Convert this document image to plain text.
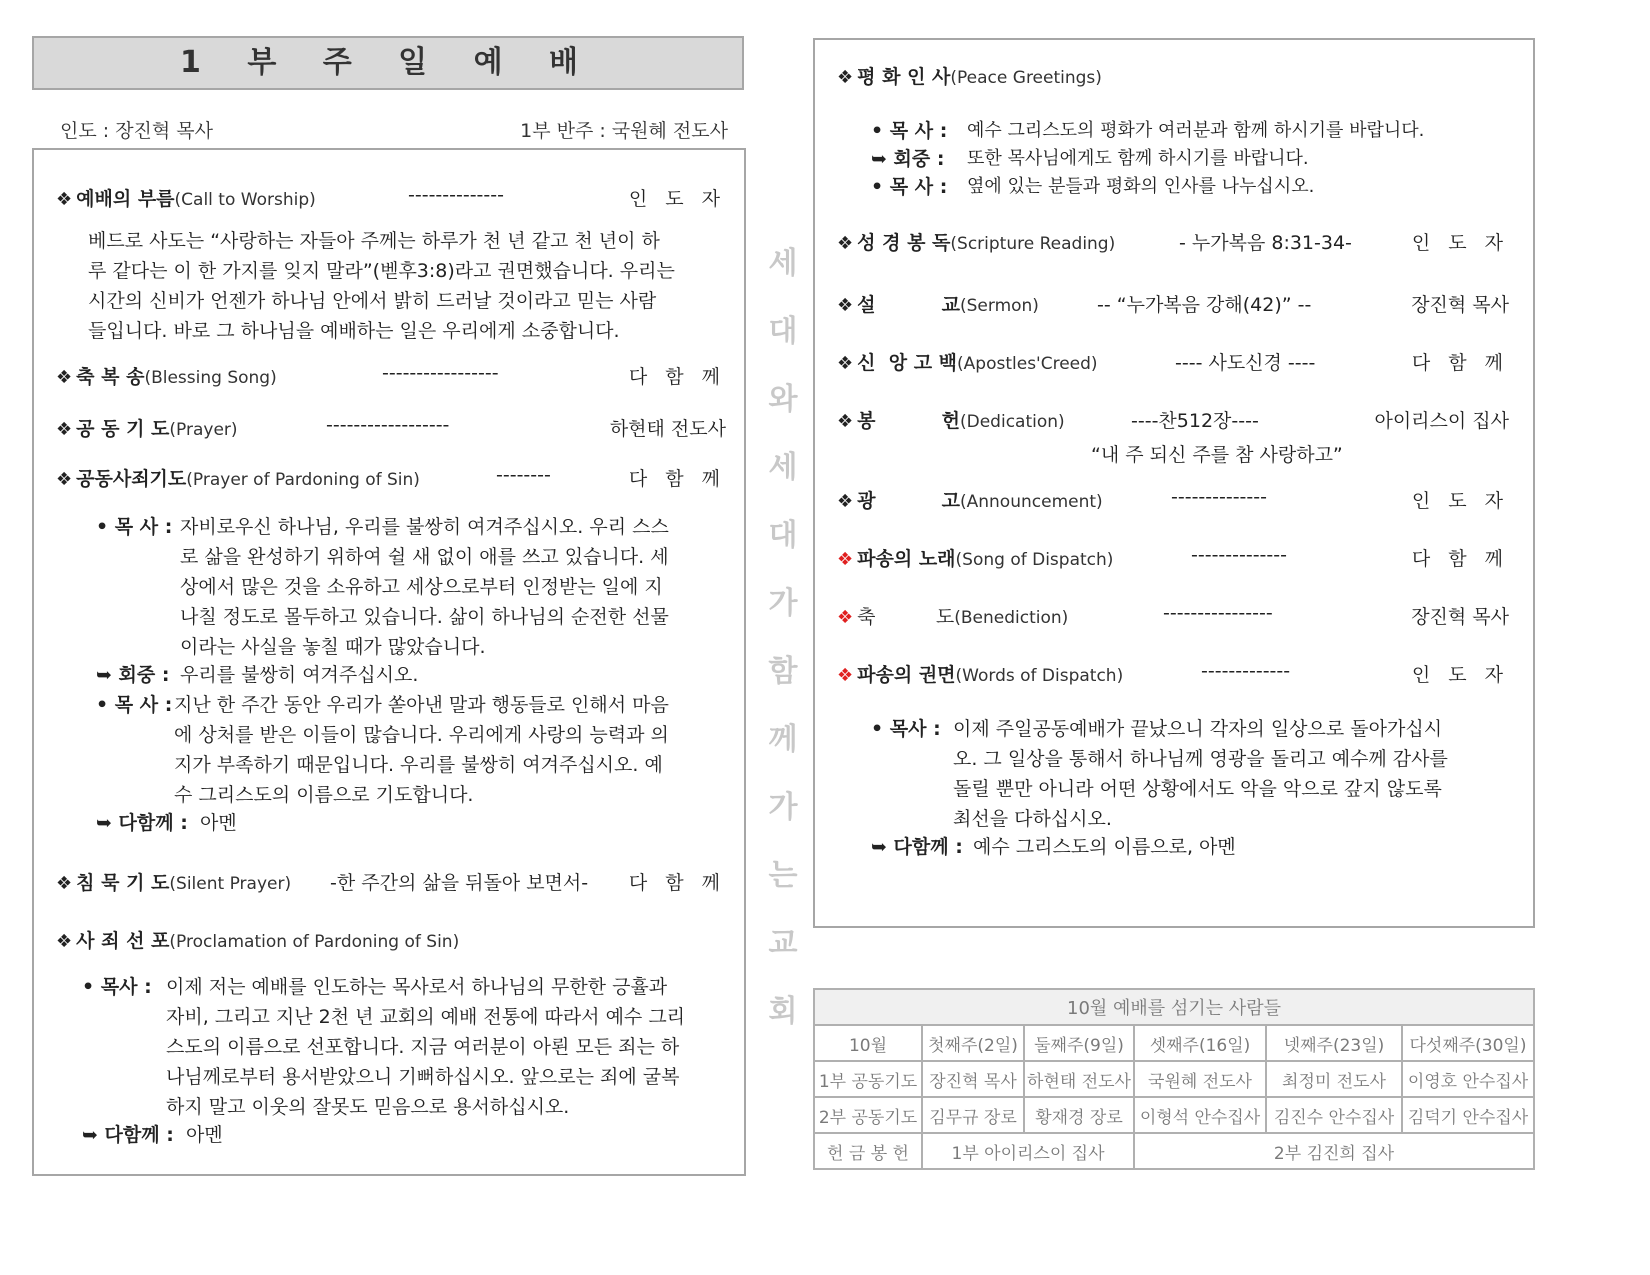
1 부 주 일 예 배
인도 : 장진혁 목사	1부 반주 : 국원혜 전도사
❖ 예배의 부름(Call to Worship)	--------------	인 도 자
베드로 사도는 “사랑하는 자들아 주께는 하루가 천 년 같고 천 년이 하
루 같다는 이 한 가지를 잊지 말라”(벧후3:8)라고 권면했습니다. 우리는
시간의 신비가 언젠가 하나님 안에서 밝히 드러날 것이라고 믿는 사람
들입니다. 바로 그 하나님을 예배하는 일은 우리에게 소중합니다.
❖ 축 복 송(Blessing Song)	-----------------	다 함 께
❖ 공 동 기 도(Prayer)	------------------	하현태 전도사
❖ 공동사죄기도(Prayer of Pardoning of Sin)	--------	다 함 께
• 목 사 : 자비로우신 하나님, 우리를 불쌍히 여겨주십시오. 우리 스스
로 삶을 완성하기 위하여 쉴 새 없이 애를 쓰고 있습니다. 세
상에서 많은 것을 소유하고 세상으로부터 인정받는 일에 지
나칠 정도로 몰두하고 있습니다. 삶이 하나님의 순전한 선물
이라는 사실을 놓칠 때가 많았습니다.
➥ 회중 : 우리를 불쌍히 여겨주십시오.
• 목 사 : 지난 한 주간 동안 우리가 쏟아낸 말과 행동들로 인해서 마음
에 상처를 받은 이들이 많습니다. 우리에게 사랑의 능력과 의
지가 부족하기 때문입니다. 우리를 불쌍히 여겨주십시오. 예
수 그리스도의 이름으로 기도합니다.
➥ 다함께 : 아멘
❖ 침 묵 기 도(Silent Prayer) -한 주간의 삶을 뒤돌아 보면서- 다 함 께
❖ 사 죄 선 포(Proclamation of Pardoning of Sin)
• 목사 : 이제 저는 예배를 인도하는 목사로서 하나님의 무한한 긍휼과
자비, 그리고 지난 2천 년 교회의 예배 전통에 따라서 예수 그리
스도의 이름으로 선포합니다. 지금 여러분이 아뢴 모든 죄는 하
나님께로부터 용서받았으니 기뻐하십시오. 앞으로는 죄에 굴복
하지 말고 이웃의 잘못도 믿음으로 용서하십시오.
➥ 다함께 : 아멘
세
대
와
세
대
가
함
께
가
는
교
회
❖ 평 화 인 사(Peace Greetings)
• 목 사 : 예수 그리스도의 평화가 여러분과 함께 하시기를 바랍니다.
➥ 회중 : 또한 목사님에게도 함께 하시기를 바랍니다.
• 목 사 : 옆에 있는 분들과 평화의 인사를 나누십시오.
❖ 성 경 봉 독(Scripture Reading)	- 누가복음 8:31-34-	인 도 자
❖ 설          교(Sermon)	-- “누가복음 강해(42)” --	장진혁 목사
❖ 신  앙 고 백(Apostles'Creed)	---- 사도신경 ----	다 함 께
❖ 봉          헌(Dedication)	----찬512장----	아이리스이 집사
“내 주 되신 주를 참 사랑하고”
❖ 광          고(Announcement)	--------------	인 도 자
❖ 파송의 노래(Song of Dispatch)	--------------	다 함 께
❖ 축          도(Benediction)	----------------	장진혁 목사
❖ 파송의 권면(Words of Dispatch)	-------------	인 도 자
• 목사 : 이제 주일공동예배가 끝났으니 각자의 일상으로 돌아가십시
오. 그 일상을 통해서 하나님께 영광을 돌리고 예수께 감사를
돌릴 뿐만 아니라 어떤 상황에서도 악을 악으로 갚지 않도록
최선을 다하십시오.
➥ 다함께 : 예수 그리스도의 이름으로, 아멘
10월 예배를 섬기는 사람들					
10월	첫째주(2일)	둘째주(9일)	셋째주(16일)	넷째주(23일)	다섯째주(30일)
1부 공동기도	장진혁 목사	하현태 전도사	국원혜 전도사	최정미 전도사	이영호 안수집사
2부 공동기도	김무규 장로	황재경 장로	이형석 안수집사	김진수 안수집사	김덕기 안수집사
헌 금 봉 헌	1부 아이리스이 집사		2부 김진희 집사		
